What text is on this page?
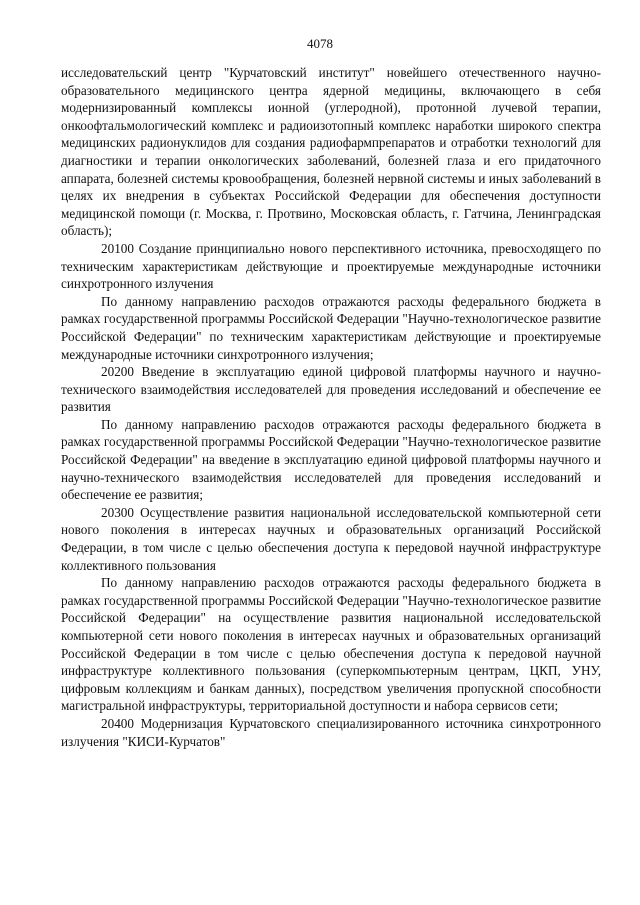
4078

исследовательский центр "Курчатовский институт" новейшего отечественного научно-образовательного медицинского центра ядерной медицины, включающего в себя модернизированный комплексы ионной (углеродной), протонной лучевой терапии, онкоофтальмологический комплекс и радиоизотопный комплекс наработки широкого спектра медицинских радионуклидов для создания радиофармпрепаратов и отработки технологий для диагностики и терапии онкологических заболеваний, болезней глаза и его придаточного аппарата, болезней системы кровообращения, болезней нервной системы и иных заболеваний в целях их внедрения в субъектах Российской Федерации для обеспечения доступности медицинской помощи (г. Москва, г. Протвино, Московская область, г. Гатчина, Ленинградская область);

20100 Создание принципиально нового перспективного источника, превосходящего по техническим характеристикам действующие и проектируемые международные источники синхротронного излучения

По данному направлению расходов отражаются расходы федерального бюджета в рамках государственной программы Российской Федерации "Научно-технологическое развитие Российской Федерации" по техническим характеристикам действующие и проектируемые международные источники синхротронного излучения;

20200 Введение в эксплуатацию единой цифровой платформы научного и научно-технического взаимодействия исследователей для проведения исследований и обеспечение ее развития

По данному направлению расходов отражаются расходы федерального бюджета в рамках государственной программы Российской Федерации "Научно-технологическое развитие Российской Федерации" на введение в эксплуатацию единой цифровой платформы научного и научно-технического взаимодействия исследователей для проведения исследований и обеспечение ее развития;

20300 Осуществление развития национальной исследовательской компьютерной сети нового поколения в интересах научных и образовательных организаций Российской Федерации, в том числе с целью обеспечения доступа к передовой научной инфраструктуре коллективного пользования

По данному направлению расходов отражаются расходы федерального бюджета в рамках государственной программы Российской Федерации "Научно-технологическое развитие Российской Федерации" на осуществление развития национальной исследовательской компьютерной сети нового поколения в интересах научных и образовательных организаций Российской Федерации в том числе с целью обеспечения доступа к передовой научной инфраструктуре коллективного пользования (суперкомпьютерным центрам, ЦКП, УНУ, цифровым коллекциям и банкам данных), посредством увеличения пропускной способности магистральной инфраструктуры, территориальной доступности и набора сервисов сети;

20400 Модернизация Курчатовского специализированного источника синхротронного излучения "КИСИ-Курчатов"
